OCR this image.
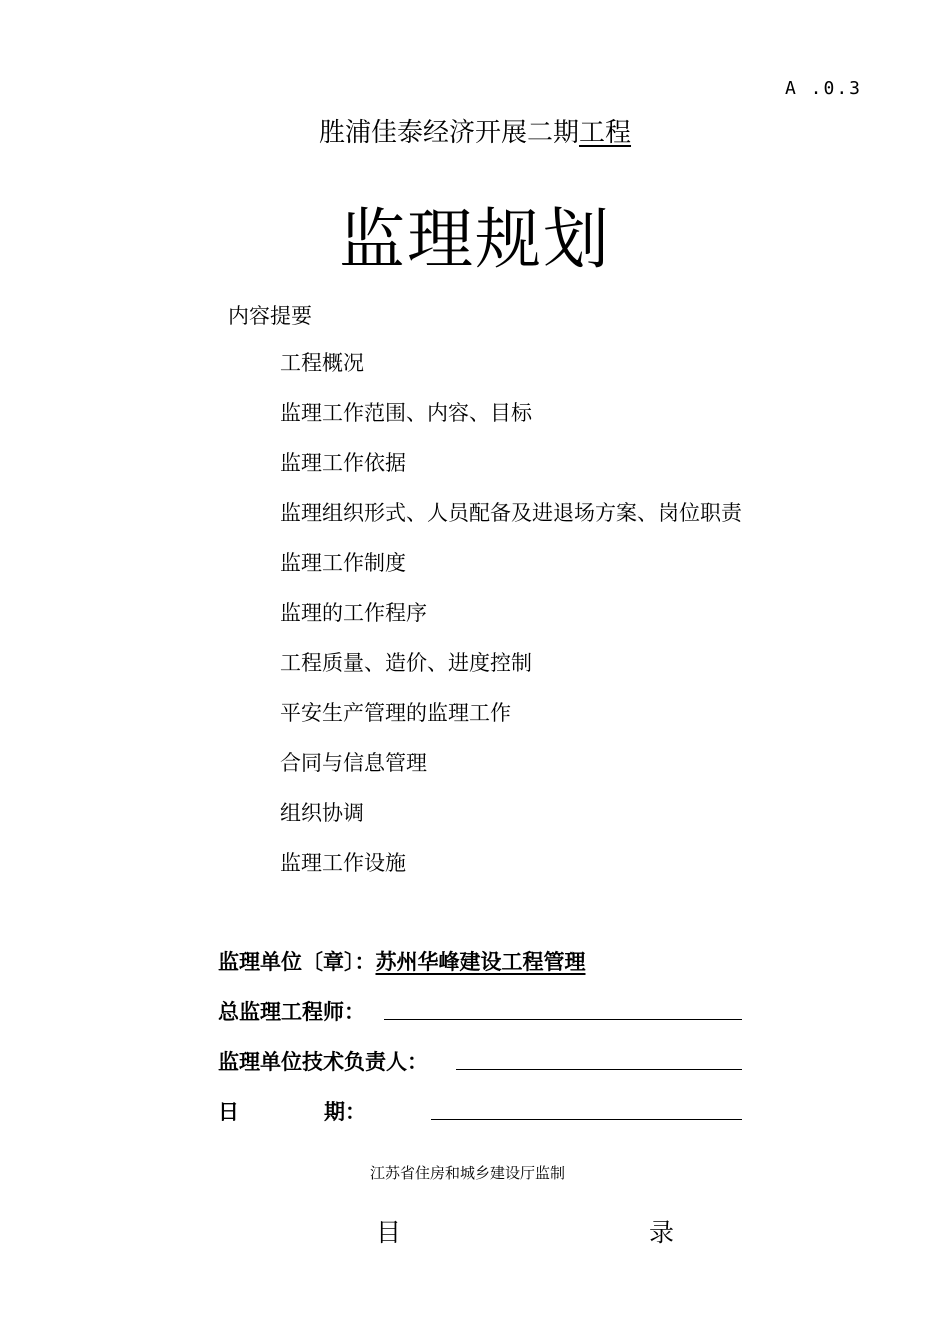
A .0.3
胜浦佳泰经济开展二期工程
监理规划
内容提要
工程概况
监理工作范围、内容、目标
监理工作依据
监理组织形式、人员配备及进退场方案、岗位职责
监理工作制度
监理的工作程序
工程质量、造价、进度控制
平安生产管理的监理工作
合同与信息管理
组织协调
监理工作设施
监理单位〔章〕：苏州华峰建设工程管理
总监理工程师：
监理单位技术负责人：
日	期：
江苏省住房和城乡建设厅监制
目	录
